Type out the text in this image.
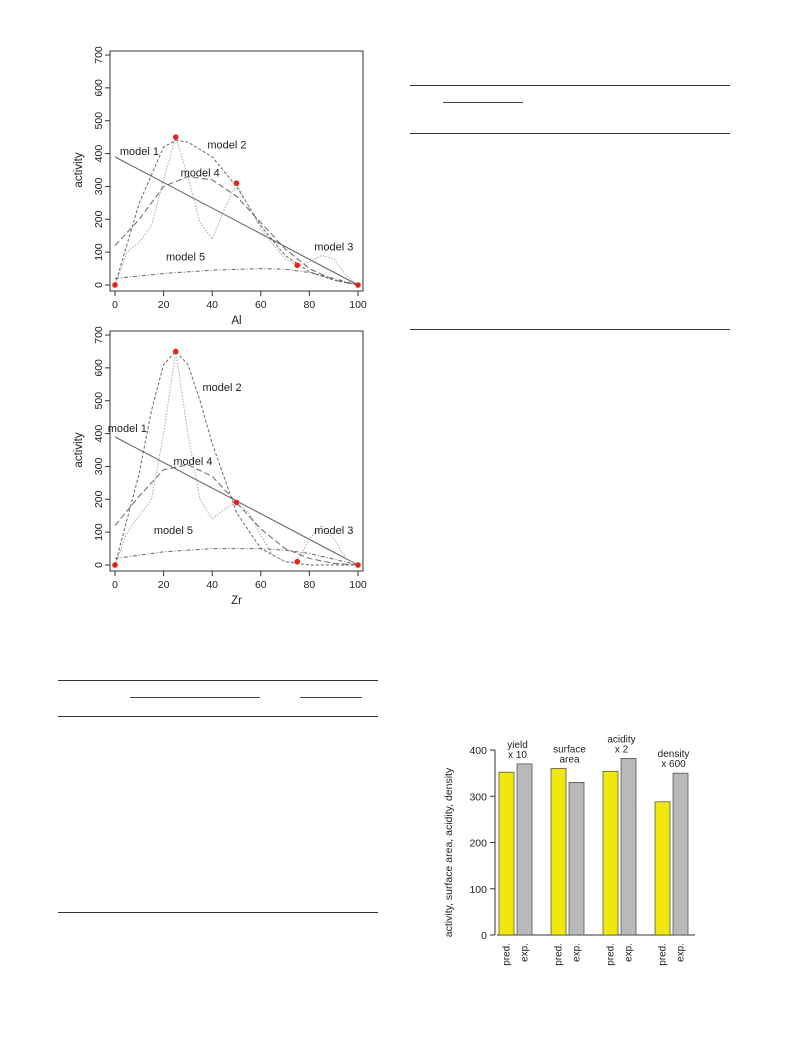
0	20	40	60	80	100
0
100
200
300
400
500
600
700
Al
activity
model 1
model 2
model 3
model 4
model 5
0	20	40	60	80	100
0
100
200
300
400
500
600
700
Zr
activity
model 1
model 2
model 3
model 4
model 5
0
100
200
300
400
activity, surface area, acidity, density
pred. exp.
yield
x 10
pred. exp.
surface
area
pred. exp.
acidity
x 2
pred. exp.
density
x 600
